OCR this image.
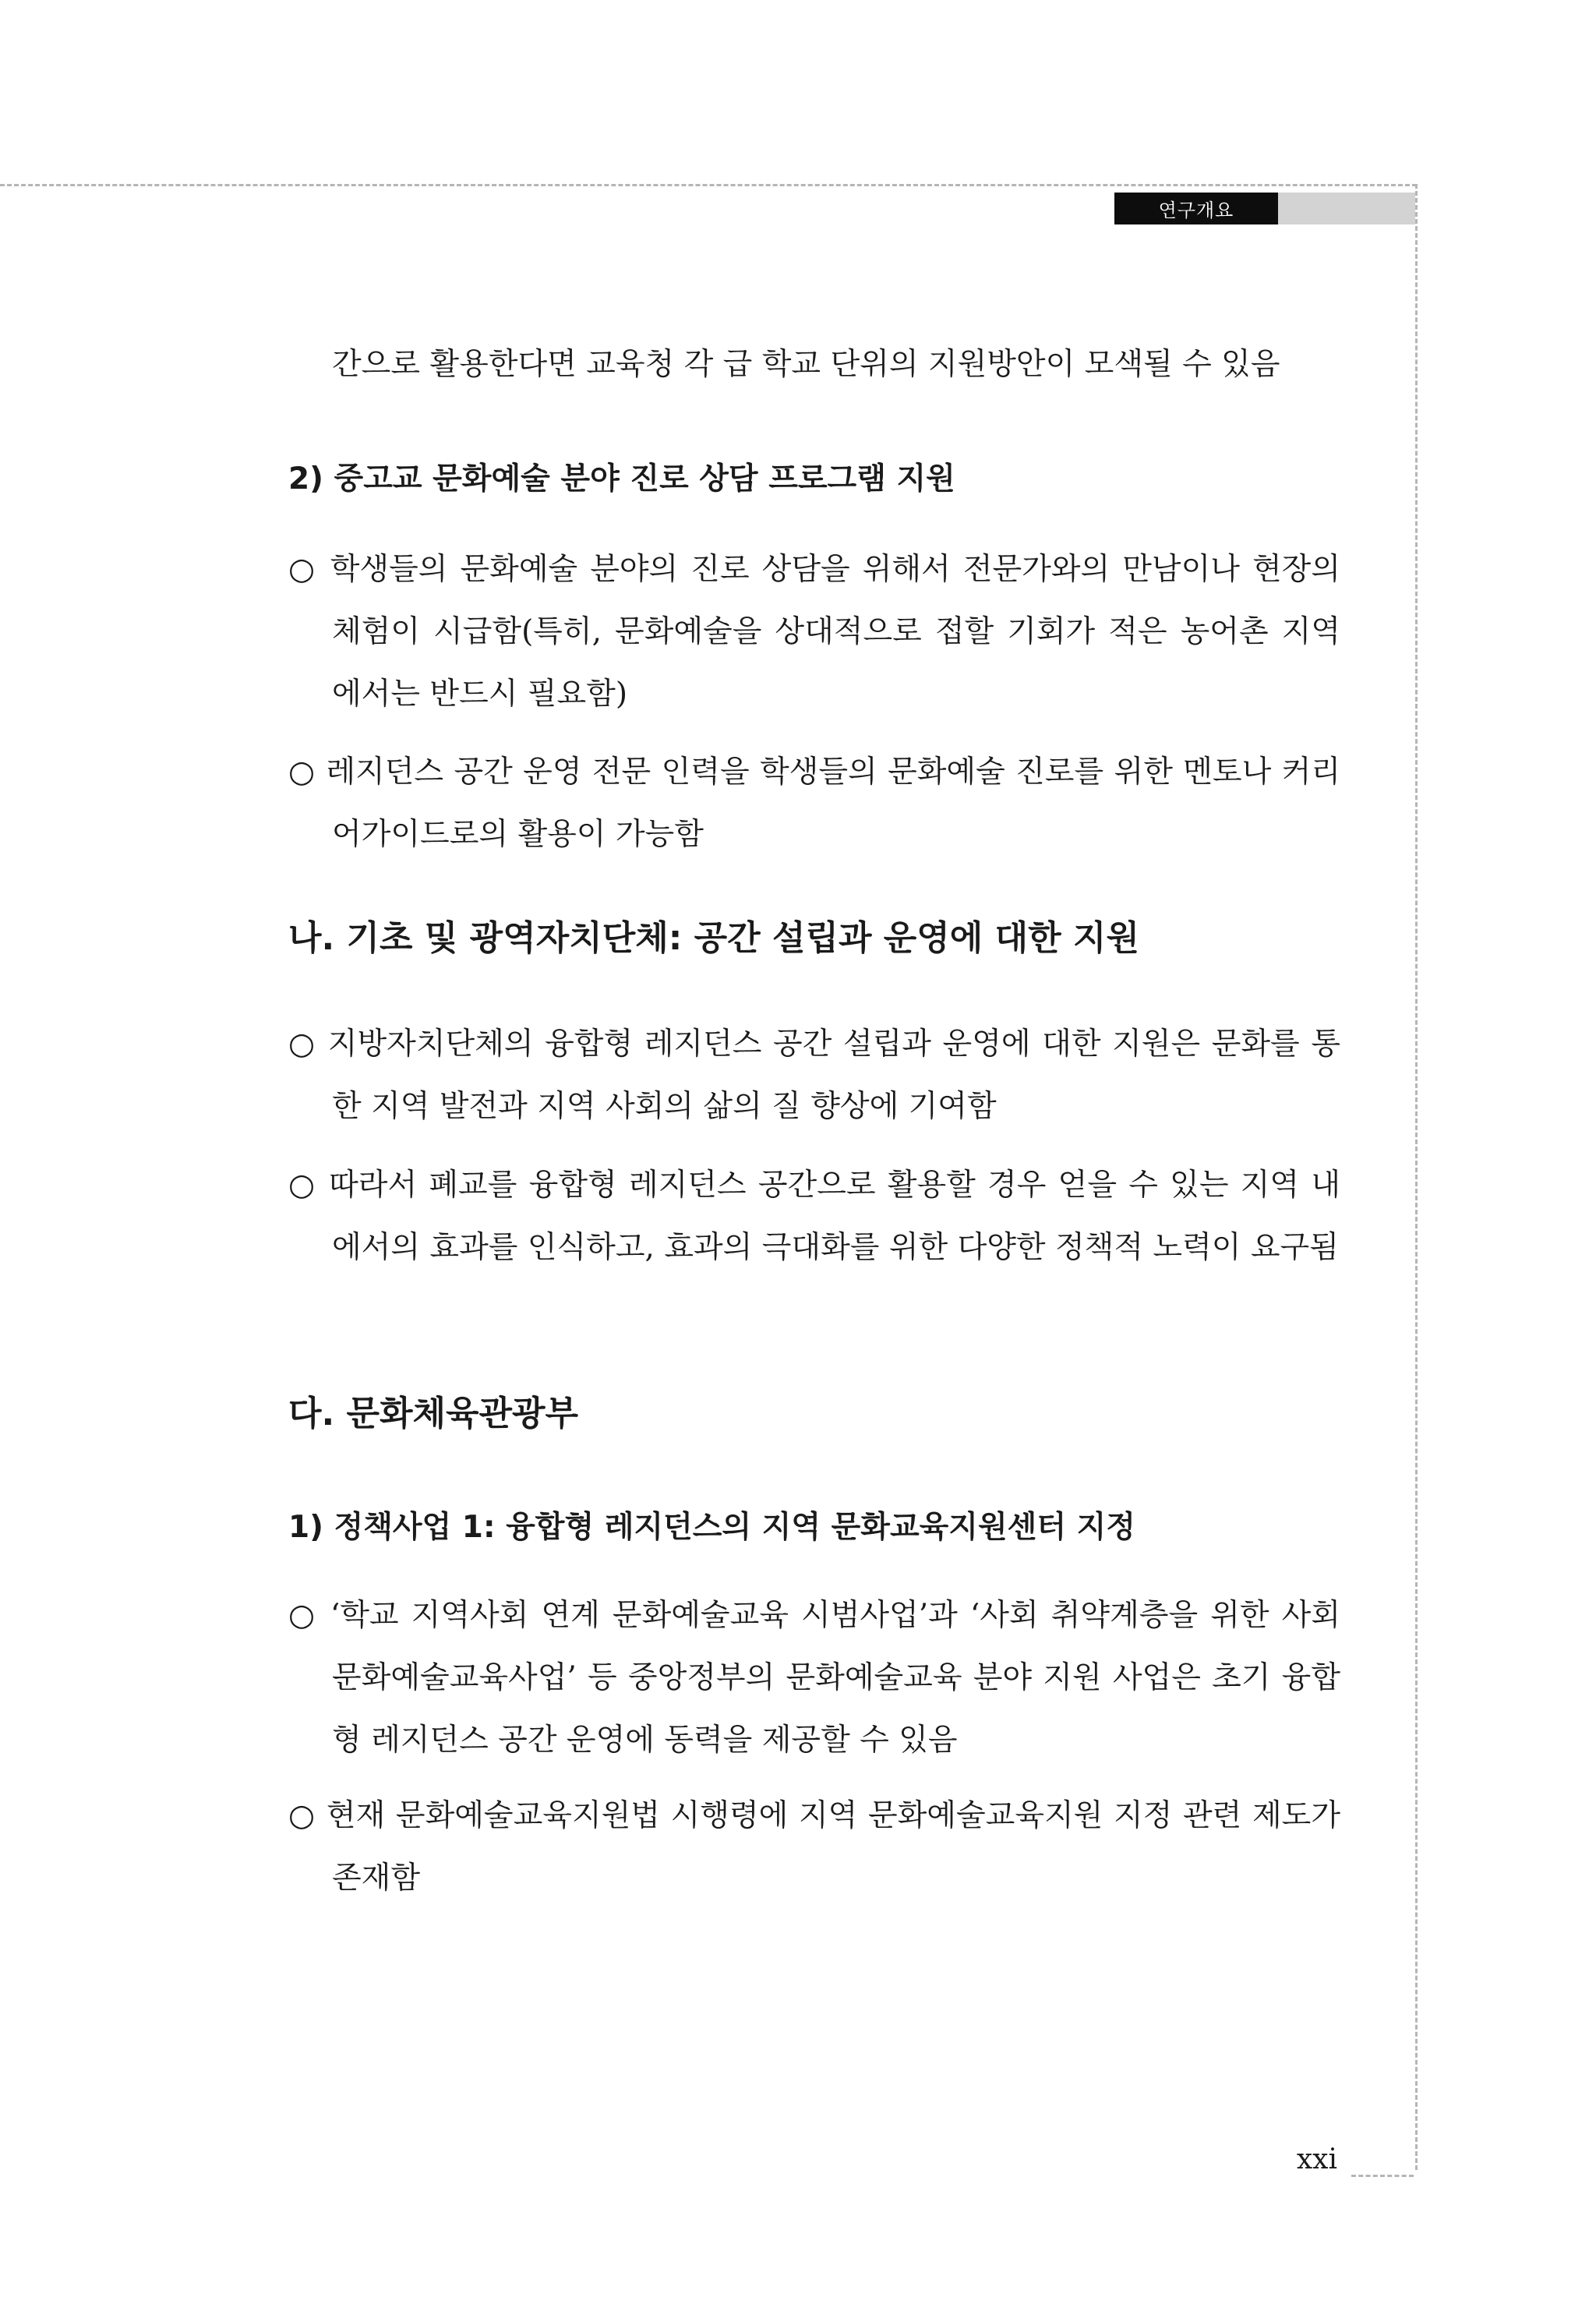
연구개요
간으로 활용한다면 교육청 각 급 학교 단위의 지원방안이 모색될 수 있음
2) 중고교 문화예술 분야 진로 상담 프로그램 지원
○ 학생들의 문화예술 분야의 진로 상담을 위해서 전문가와의 만남이나 현장의 체험이 시급함(특히, 문화예술을 상대적으로 접할 기회가 적은 농어촌 지역에서는 반드시 필요함)
○ 레지던스 공간 운영 전문 인력을 학생들의 문화예술 진로를 위한 멘토나 커리어가이드로의 활용이 가능함
나. 기초 및 광역자치단체: 공간 설립과 운영에 대한 지원
○ 지방자치단체의 융합형 레지던스 공간 설립과 운영에 대한 지원은 문화를 통한 지역 발전과 지역 사회의 삶의 질 향상에 기여함
○ 따라서 폐교를 융합형 레지던스 공간으로 활용할 경우 얻을 수 있는 지역 내에서의 효과를 인식하고, 효과의 극대화를 위한 다양한 정책적 노력이 요구됨
다. 문화체육관광부
1) 정책사업 1: 융합형 레지던스의 지역 문화교육지원센터 지정
○ ‘학교 지역사회 연계 문화예술교육 시범사업’과 ‘사회 취약계층을 위한 사회문화예술교육사업’ 등 중앙정부의 문화예술교육 분야 지원 사업은 초기 융합형 레지던스 공간 운영에 동력을 제공할 수 있음
○ 현재 문화예술교육지원법 시행령에 지역 문화예술교육지원 지정 관련 제도가 존재함
xxi
